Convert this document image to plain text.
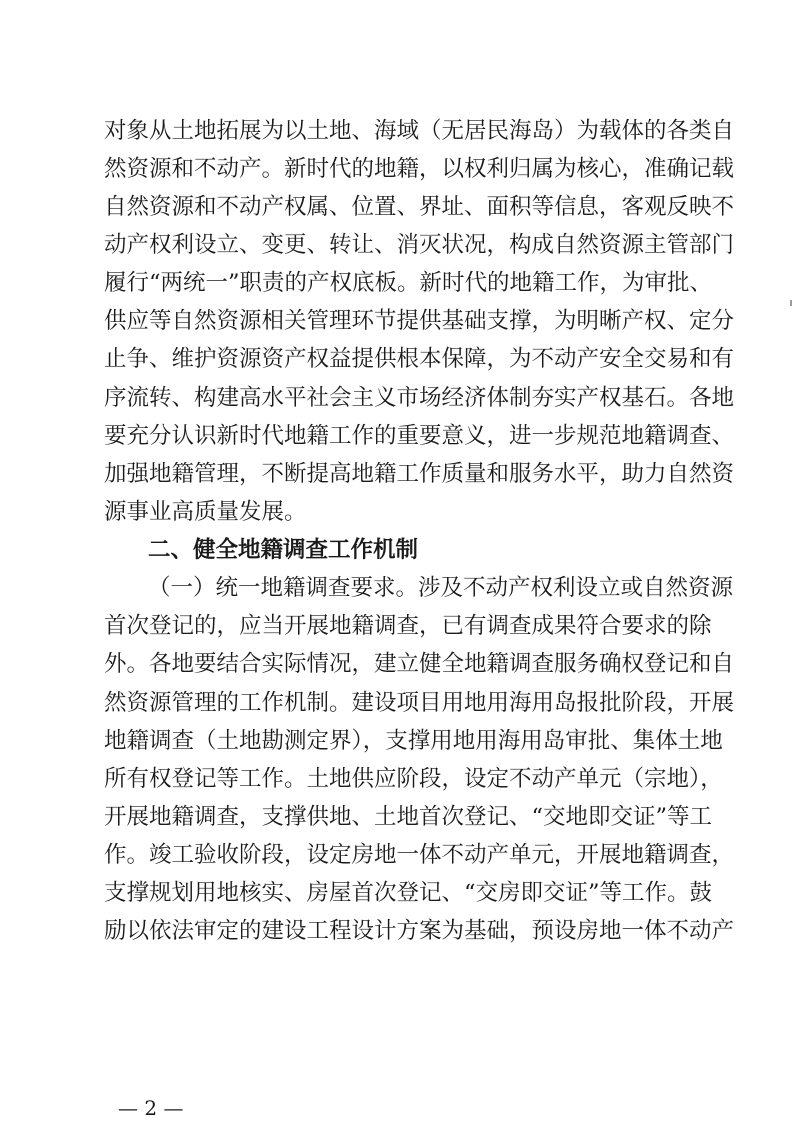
对象从土地拓展为以土地、海域（无居民海岛）为载体的各类自
然资源和不动产。新时代的地籍，以权利归属为核心，准确记载
自然资源和不动产权属、位置、界址、面积等信息，客观反映不
动产权利设立、变更、转让、消灭状况，构成自然资源主管部门
履行“两统一”职责的产权底板。新时代的地籍工作，为审批、
供应等自然资源相关管理环节提供基础支撑，为明晰产权、定分
止争、维护资源资产权益提供根本保障，为不动产安全交易和有
序流转、构建高水平社会主义市场经济体制夯实产权基石。各地
要充分认识新时代地籍工作的重要意义，进一步规范地籍调查、
加强地籍管理，不断提高地籍工作质量和服务水平，助力自然资
源事业高质量发展。
二、健全地籍调查工作机制
（一）统一地籍调查要求。涉及不动产权利设立或自然资源
首次登记的，应当开展地籍调查，已有调查成果符合要求的除
外。各地要结合实际情况，建立健全地籍调查服务确权登记和自
然资源管理的工作机制。建设项目用地用海用岛报批阶段，开展
地籍调查（土地勘测定界），支撑用地用海用岛审批、集体土地
所有权登记等工作。土地供应阶段，设定不动产单元（宗地），
开展地籍调查，支撑供地、土地首次登记、“交地即交证”等工
作。竣工验收阶段，设定房地一体不动产单元，开展地籍调查，
支撑规划用地核实、房屋首次登记、“交房即交证”等工作。鼓
励以依法审定的建设工程设计方案为基础，预设房地一体不动产
— 2 —
